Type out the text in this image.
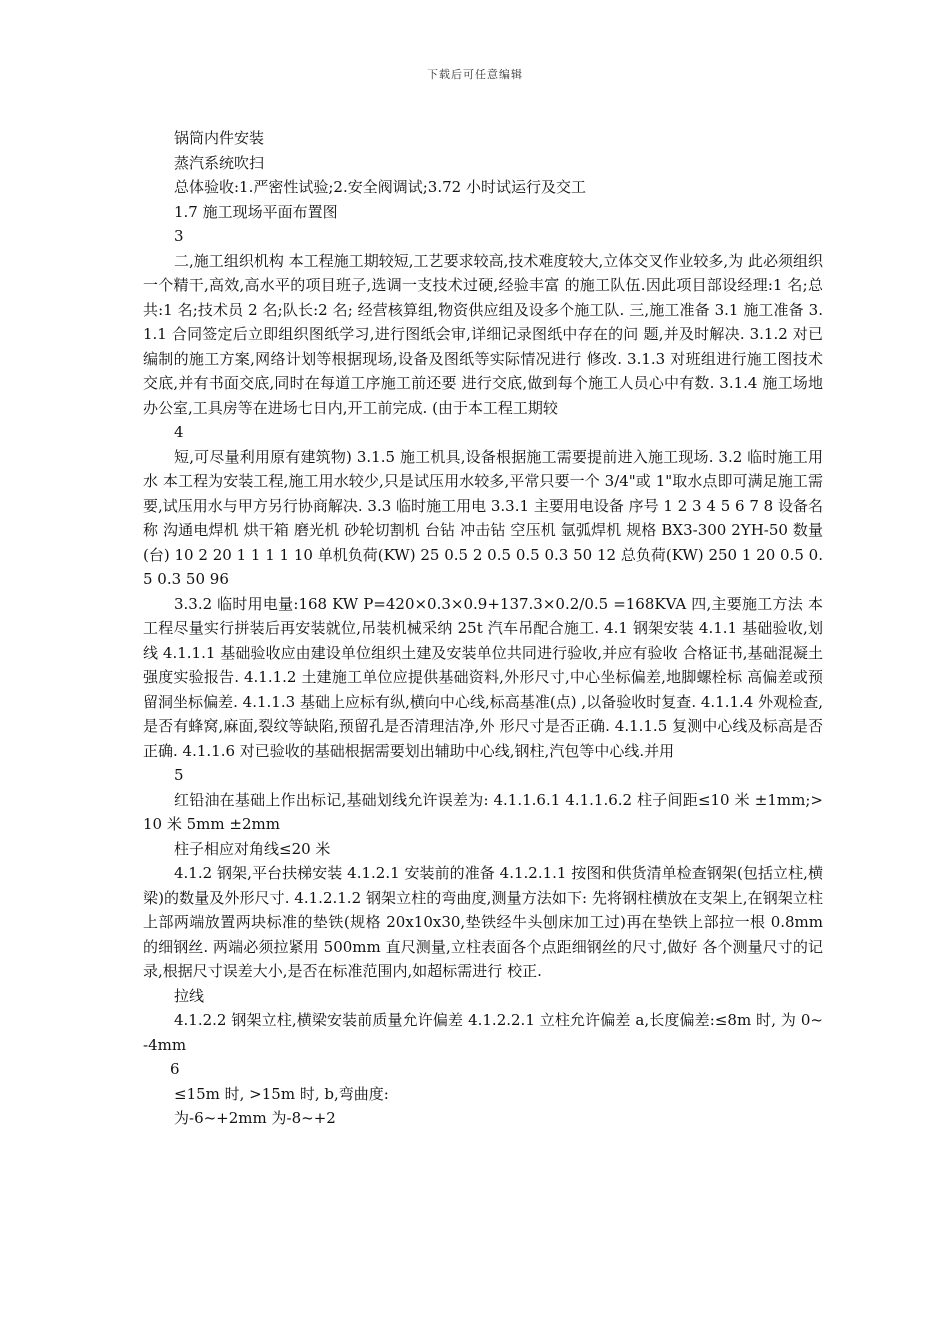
下载后可任意编辑

锅筒内件安装

蒸汽系统吹扫

总体验收:1.严密性试验;2.安全阀调试;3.72 小时试运行及交工

1.7 施工现场平面布置图

3

二,施工组织机构 本工程施工期较短,工艺要求较高,技术难度较大,立体交叉作业较多,为 此必须组织一个精干,高效,高水平的项目班子,选调一支技术过硬,经验丰富 的施工队伍.因此项目部设经理:1 名;总共:1 名;技术员 2 名;队长:2 名; 经营核算组,物资供应组及设多个施工队. 三,施工准备 3.1 施工准备 3.1.1 合同签定后立即组织图纸学习,进行图纸会审,详细记录图纸中存在的问 题,并及时解决. 3.1.2 对已编制的施工方案,网络计划等根据现场,设备及图纸等实际情况进行 修改. 3.1.3 对班组进行施工图技术交底,并有书面交底,同时在每道工序施工前还要 进行交底,做到每个施工人员心中有数. 3.1.4 施工场地办公室,工具房等在进场七日内,开工前完成. (由于本工程工期较

4

短,可尽量利用原有建筑物) 3.1.5 施工机具,设备根据施工需要提前进入施工现场. 3.2 临时施工用水 本工程为安装工程,施工用水较少,只是试压用水较多,平常只要一个 3/4"或 1"取水点即可满足施工需要,试压用水与甲方另行协商解决. 3.3 临时施工用电 3.3.1 主要用电设备 序号 1 2 3 4 5 6 7 8 设备名称 沟通电焊机 烘干箱 磨光机 砂轮切割机 台钻 冲击钻 空压机 氩弧焊机 规格 BX3-300 2YH-50 数量(台) 10 2 20 1 1 1 1 10 单机负荷(KW) 25 0.5 2 0.5 0.5 0.3 50 12 总负荷(KW) 250 1 20 0.5 0.5 0.3 50 96

3.3.2 临时用电量:168 KW P=420×0.3×0.9+137.3×0.2/0.5 =168KVA 四,主要施工方法 本工程尽量实行拼装后再安装就位,吊装机械采纳 25t 汽车吊配合施工. 4.1 钢架安装 4.1.1 基础验收,划线 4.1.1.1 基础验收应由建设单位组织土建及安装单位共同进行验收,并应有验收 合格证书,基础混凝土强度实验报告. 4.1.1.2 土建施工单位应提供基础资料,外形尺寸,中心坐标偏差,地脚螺栓标 高偏差或预留洞坐标偏差. 4.1.1.3 基础上应标有纵,横向中心线,标高基准(点) ,以备验收时复查. 4.1.1.4 外观检查,是否有蜂窝,麻面,裂纹等缺陷,预留孔是否清理洁净,外 形尺寸是否正确. 4.1.1.5 复测中心线及标高是否正确. 4.1.1.6 对已验收的基础根据需要划出辅助中心线,钢柱,汽包等中心线.并用

5

红铅油在基础上作出标记,基础划线允许误差为: 4.1.1.6.1 4.1.1.6.2 柱子间距≤10 米 ±1mm;>10 米 5mm ±2mm

柱子相应对角线≤20 米

4.1.2 钢架,平台扶梯安装 4.1.2.1 安装前的准备 4.1.2.1.1 按图和供货清单检查钢架(包括立柱,横梁)的数量及外形尺寸. 4.1.2.1.2 钢架立柱的弯曲度,测量方法如下: 先将钢柱横放在支架上,在钢架立柱上部两端放置两块标准的垫铁(规格 20x10x30,垫铁经牛头刨床加工过)再在垫铁上部拉一根 0.8mm 的细钢丝. 两端必须拉紧用 500mm 直尺测量,立柱表面各个点距细钢丝的尺寸,做好 各个测量尺寸的记录,根据尺寸误差大小,是否在标准范围内,如超标需进行 校正.

拉线

4.1.2.2 钢架立柱,横梁安装前质量允许偏差 4.1.2.2.1 立柱允许偏差 a,长度偏差:≤8m 时, 为 0~-4mm

6

≤15m 时, >15m 时, b,弯曲度:

为-6~+2mm 为-8~+2
